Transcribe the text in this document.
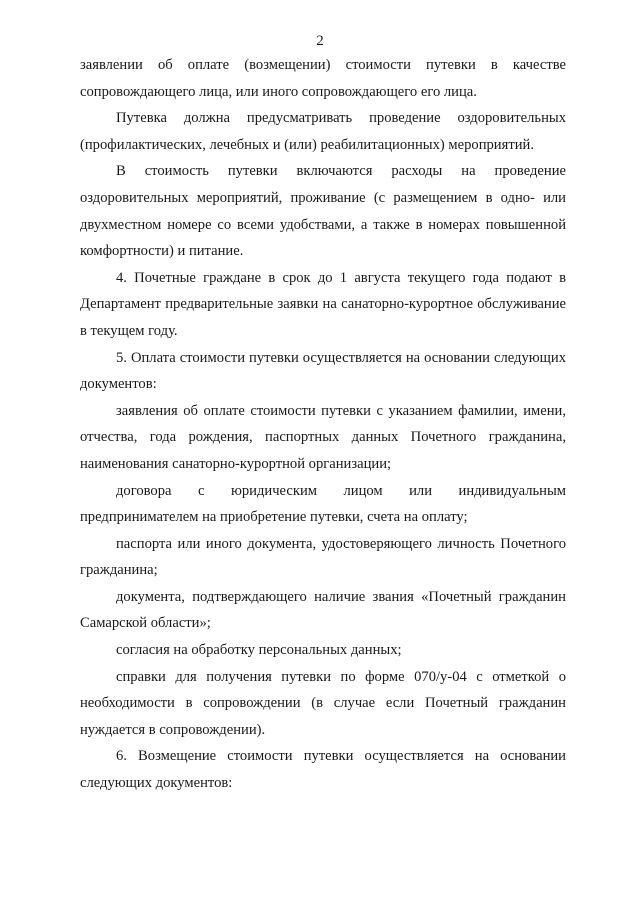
2

заявлении об оплате (возмещении) стоимости путевки в качестве сопровождающего лица, или иного сопровождающего его лица.

Путевка должна предусматривать проведение оздоровительных (профилактических, лечебных и (или) реабилитационных) мероприятий.

В стоимость путевки включаются расходы на проведение оздоровительных мероприятий, проживание (с размещением в одно- или двухместном номере со всеми удобствами, а также в номерах повышенной комфортности) и питание.

4. Почетные граждане в срок до 1 августа текущего года подают в Департамент предварительные заявки на санаторно-курортное обслуживание в текущем году.

5. Оплата стоимости путевки осуществляется на основании следующих документов:

заявления об оплате стоимости путевки с указанием фамилии, имени, отчества, года рождения, паспортных данных Почетного гражданина, наименования санаторно-курортной организации;

договора с юридическим лицом или индивидуальным предпринимателем на приобретение путевки, счета на оплату;

паспорта или иного документа, удостоверяющего личность Почетного гражданина;

документа, подтверждающего наличие звания «Почетный гражданин Самарской области»;

согласия на обработку персональных данных;

справки для получения путевки по форме 070/у-04 с отметкой о необходимости в сопровождении (в случае если Почетный гражданин нуждается в сопровождении).

6. Возмещение стоимости путевки осуществляется на основании следующих документов:
